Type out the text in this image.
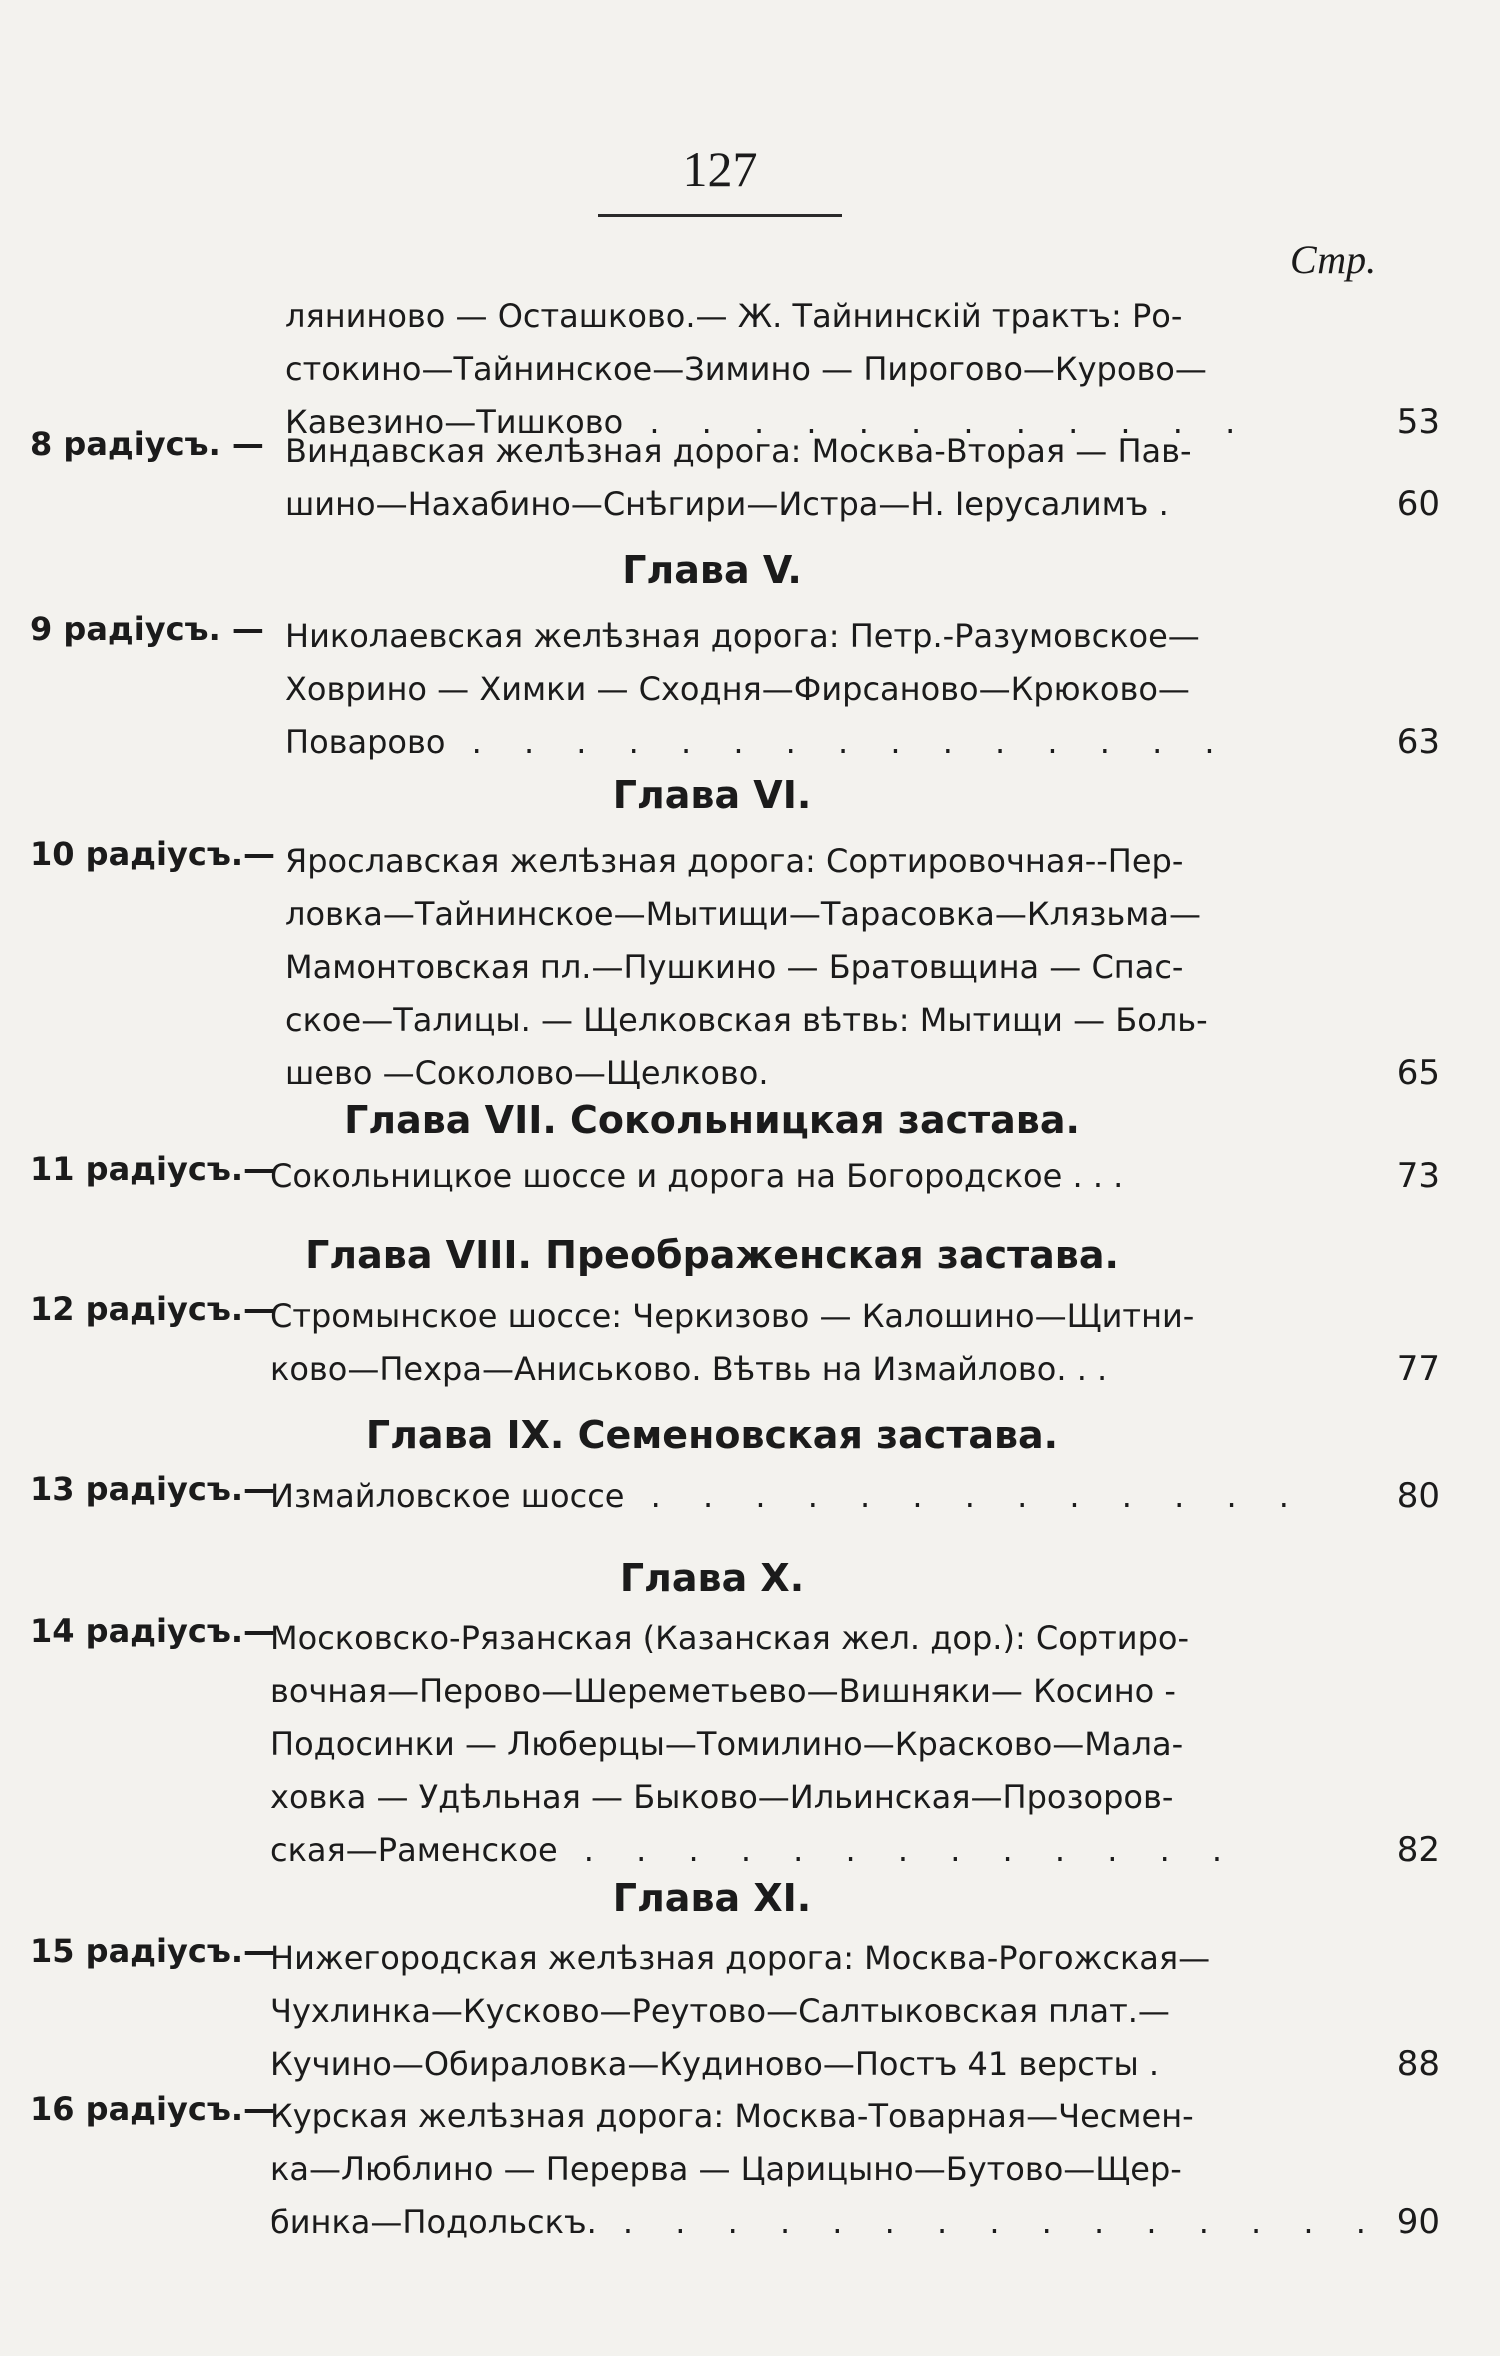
127
Стр.
ляниново — Осташково.— Ж. Тайнинскій трактъ: Ро-
стокино—Тайнинское—Зимино — Пирогово—Курово—
Кавезино—Тишково . . . . . . . . . . . .	53
8 радіусъ. — Виндавская желѣзная дорога: Москва-Вторая — Пав-
шино—Нахабино—Снѣгири—Истра—Н. Іерусалимъ .	60
Глава V.
9 радіусъ. — Николаевская желѣзная дорога: Петр.-Разумовское—
Ховрино — Химки — Сходня—Фирсаново—Крюково—
Поварово . . . . . . . . . . . . . . .	63
Глава VI.
10 радіусъ.— Ярославская желѣзная дорога: Сортировочная--Пер-
ловка—Тайнинское—Мытищи—Тарасовка—Клязьма—
Мамонтовская пл.—Пушкино — Братовщина — Спас-
ское—Талицы. — Щелковская вѣтвь: Мытищи — Боль-
шево —Соколово—Щелково.	65
Глава VII. Сокольницкая застава.
11 радіусъ.—
Сокольницкое шоссе и дорога на Богородское . . .	73
Глава VIII. Преображенская застава.
12 радіусъ.—
Стромынское шоссе: Черкизово — Калошино—Щитни-
ково—Пехра—Аниськово. Вѣтвь на Измайлово. . .	77
Глава IX. Семеновская застава.
13 радіусъ.—
Измайловское шоссе . . . . . . . . . . . . .	80
Глава X.
14 радіусъ.—
Московско-Рязанская (Казанская жел. дор.): Сортиро-
вочная—Перово—Шереметьево—Вишняки— Косино -
Подосинки — Люберцы—Томилино—Красково—Мала-
ховка — Удѣльная — Быково—Ильинская—Прозоров-
ская—Раменское . . . . . . . . . . . . .	82
Глава XI.
15 радіусъ.—
Нижегородская желѣзная дорога: Москва-Рогожская—
Чухлинка—Кусково—Реутово—Салтыковская плат.—
Кучино—Обираловка—Кудиново—Постъ 41 версты .	88
16 радіусъ.—
Курская желѣзная дорога: Москва-Товарная—Чесмен-
ка—Люблино — Перерва — Царицыно—Бутово—Щер-
бинка—Подольскъ. . . . . . . . . . . . . . . . 90
